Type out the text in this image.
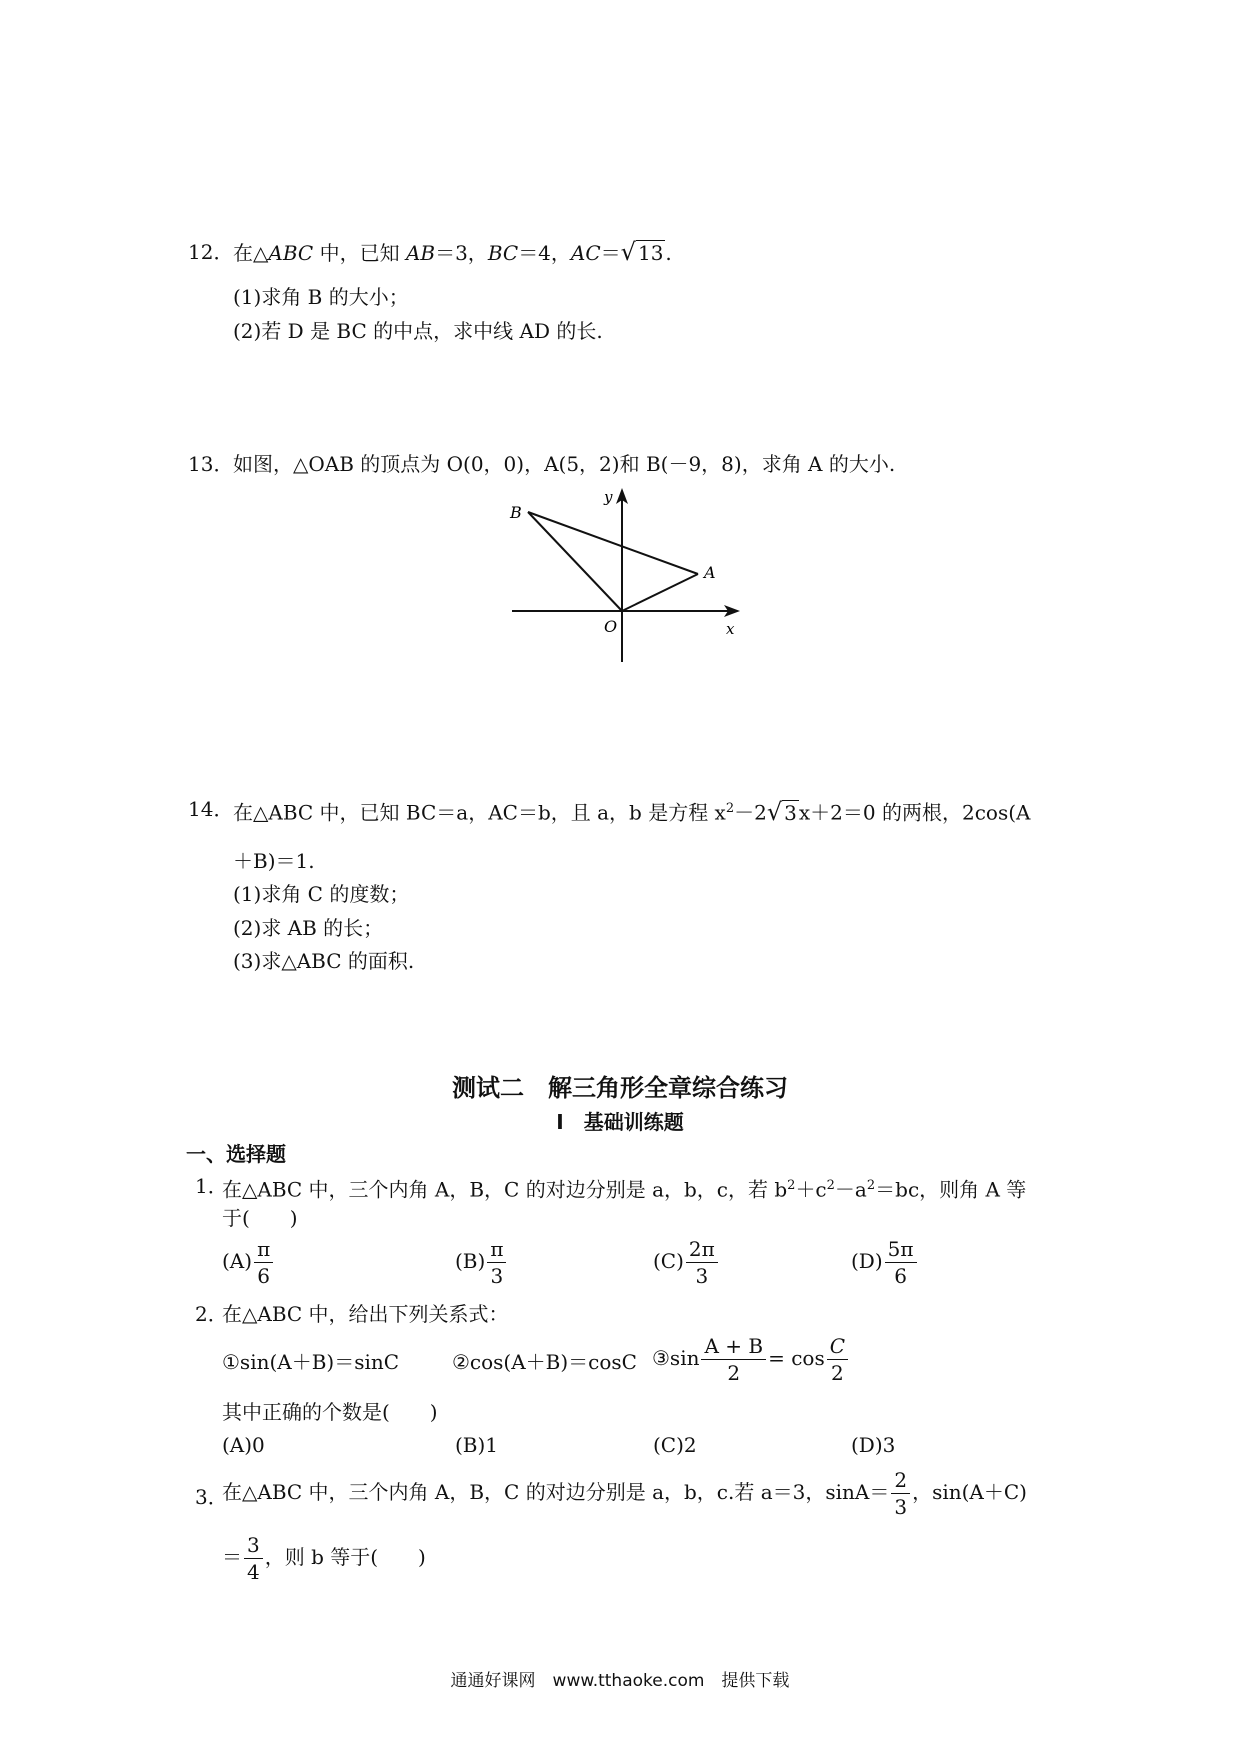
12． 在△ABC 中，已知 AB＝3，BC＝4，AC＝√ 13 .
(1)求角 B 的大小；
(2)若 D 是 BC 的中点，求中线 AD 的长.
13． 如图，△OAB 的顶点为 O(0，0)，A(5，2)和 B(－9，8)，求角 A 的大小.
B
A
O	x
y
14． 在△ABC 中，已知 BC＝a，AC＝b，且 a，b 是方程 $x^2-2√$ 3 x＋2＝0 的两根，2cos(A
＋B)＝1.
(1)求角 C 的度数；
(2)求 AB 的长；
(3)求△ABC 的面积.
测试二　解三角形全章综合练习
Ⅰ　基础训练题
一、选择题
1．
在△ABC 中，三个内角 A，B，C 的对边分别是 a，b，c，若 $b^2+c^2-a^2=bc$，则角 A 等
于(　　)
$(A) \frac{\pi}{6}$	$(B) \frac{\pi}{3}$	$(C) \frac{2\pi}{3}$	$(D) \frac{5\pi}{6}$
2．
在△ABC 中，给出下列关系式：
①sin(A＋B)＝sinC	②cos(A＋B)＝cosC ③sin $\frac{A + B}{2} = \cos \frac{C}{2}$
其中正确的个数是(　　)
(A)0	(B)1	(C)2	(D)3
3．
在△ABC 中，三个内角 A，B，C 的对边分别是 a，b，c.若 a＝3，$\sin A= \frac{2}{3}$ ，sin(A＋C)
＝ $\frac{3}{4}$ ，则 b 等于(　　)
通通好课网　www.tthaoke.com　提供下载
